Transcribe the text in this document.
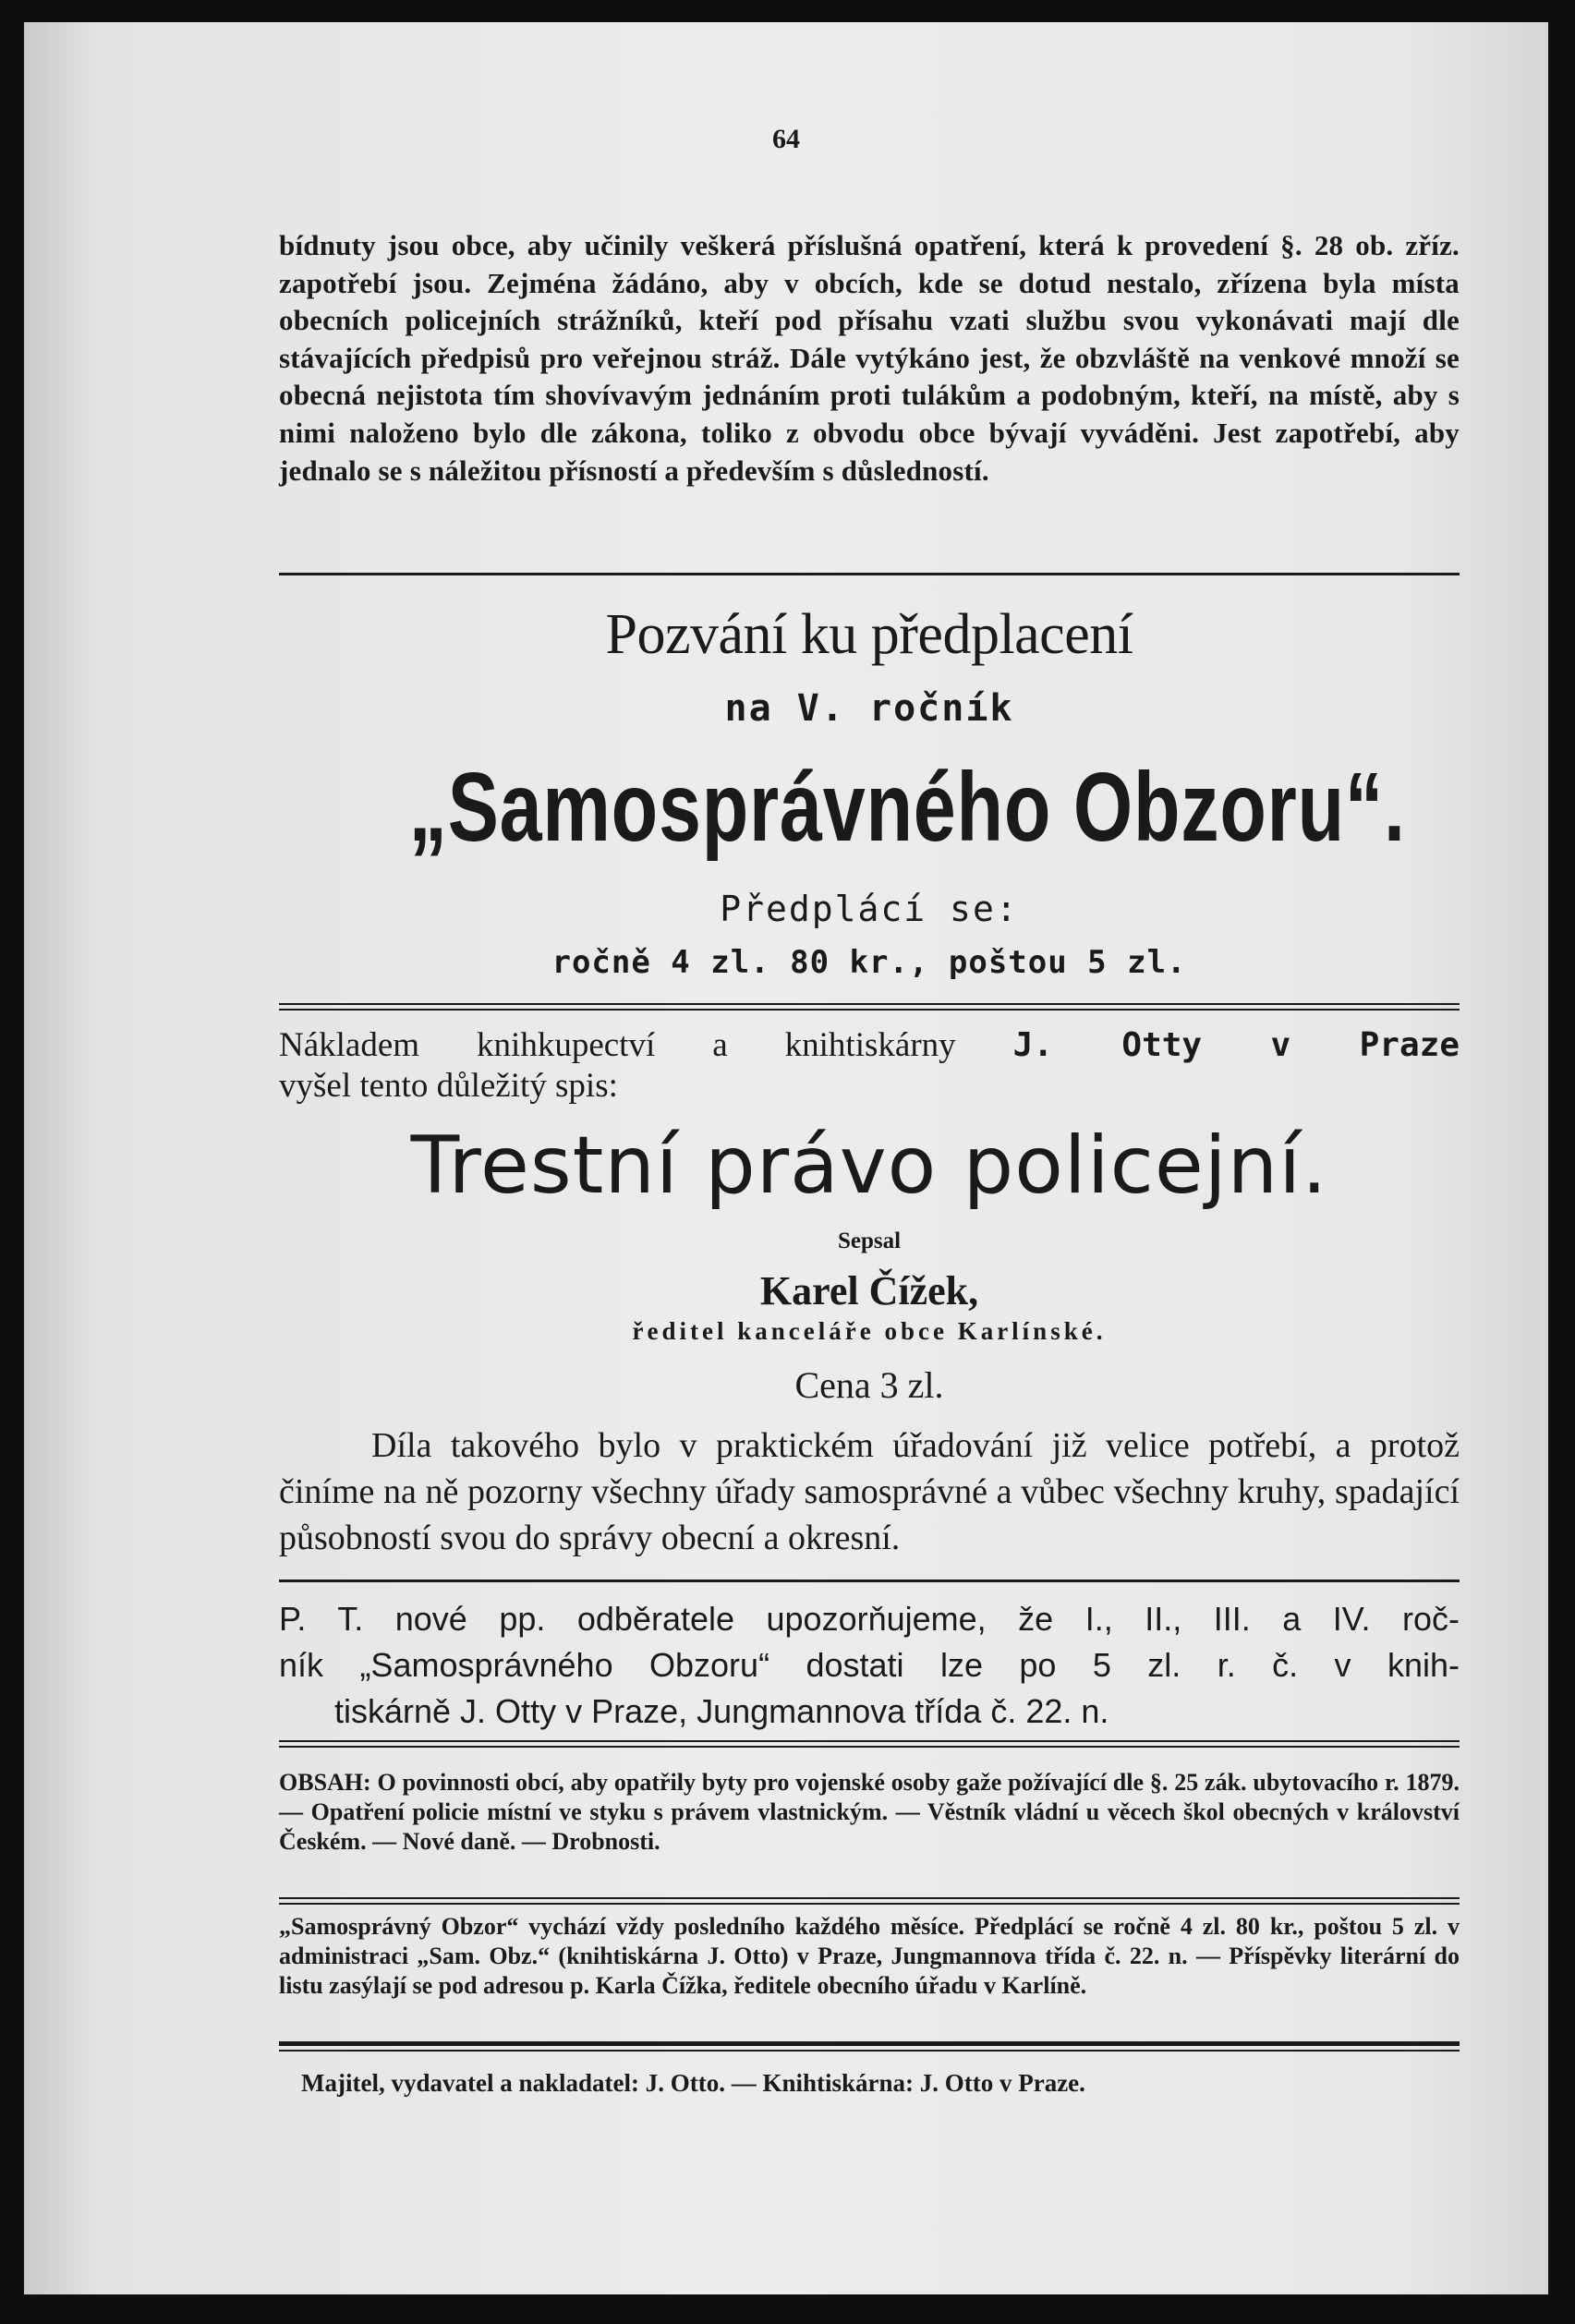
64
bídnuty jsou obce, aby učinily veškerá příslušná opatření, která k provedení §. 28 ob. zříz. zapotřebí jsou. Zejména žádáno, aby v obcích, kde se dotud nestalo, zřízena byla místa obecních policejních strážníků, kteří pod přísahu vzati službu svou vykonávati mají dle stávajících předpisů pro veřejnou stráž. Dále vytýkáno jest, že obzvláště na venkové množí se obecná nejistota tím shovívavým jednáním proti tulákům a podobným, kteří, na místě, aby s nimi naloženo bylo dle zákona, toliko z obvodu obce bývají vyváděni. Jest zapotřebí, aby jednalo se s náležitou přísností a především s důsledností.
Pozvání ku předplacení
na V. ročník
„Samosprávného Obzoru“.
Předplácí se:
ročně 4 zl. 80 kr., poštou 5 zl.
Nákladem knihkupectví a knihtiskárny J. Otty v Praze
vyšel tento důležitý spis:
Trestní právo policejní.
Sepsal
Karel Čížek,
ředitel kanceláře obce Karlínské.
Cena 3 zl.
Díla takového bylo v praktickém úřadování již velice potřebí, a protož činíme na ně pozorny všechny úřady samosprávné a vůbec všechny kruhy, spadající působností svou do správy obecní a okresní.
P. T. nové pp. odběratele upozorňujeme, že I., II., III. a IV. roč-
ník „Samosprávného Obzoru“ dostati lze po 5 zl. r. č. v knih-
tiskárně J. Otty v Praze, Jungmannova třída č. 22. n.
OBSAH: O povinnosti obcí, aby opatřily byty pro vojenské osoby gaže požívající dle §. 25 zák. ubytovacího r. 1879. — Opatření policie místní ve styku s právem vlastnickým. — Věstník vládní u věcech škol obecných v království Českém. — Nové daně. — Drobnosti.
„Samosprávný Obzor“ vychází vždy posledního každého měsíce. Předplácí se ročně 4 zl. 80 kr., poštou 5 zl. v administraci „Sam. Obz.“ (knihtiskárna J. Otto) v Praze, Jungmannova třída č. 22. n. — Příspěvky literární do listu zasýlají se pod adresou p. Karla Čížka, ředitele obecního úřadu v Karlíně.
Majitel, vydavatel a nakladatel: J. Otto. — Knihtiskárna: J. Otto v Praze.
